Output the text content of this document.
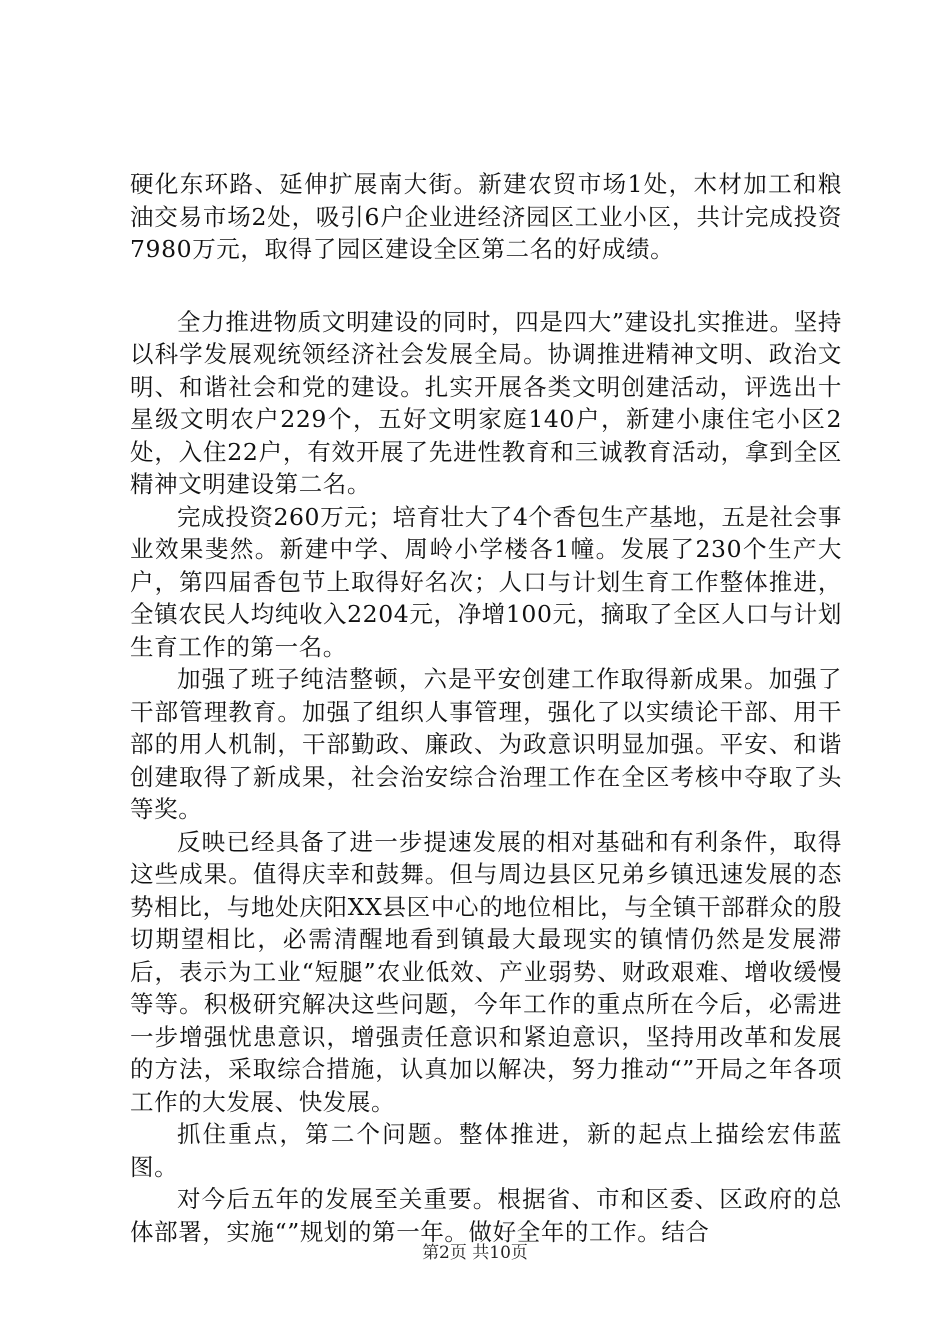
硬化东环路、延伸扩展南大街。新建农贸市场1处，木材加工和粮油交易市场2处，吸引6户企业进经济园区工业小区，共计完成投资7980万元，取得了园区建设全区第二名的好成绩。

全力推进物质文明建设的同时，四是四大”建设扎实推进。坚持以科学发展观统领经济社会发展全局。协调推进精神文明、政治文明、和谐社会和党的建设。扎实开展各类文明创建活动，评选出十星级文明农户229个，五好文明家庭140户，新建小康住宅小区2处，入住22户，有效开展了先进性教育和三诚教育活动，拿到全区精神文明建设第二名。

完成投资260万元；培育壮大了4个香包生产基地，五是社会事业效果斐然。新建中学、周岭小学楼各1幢。发展了230个生产大户，第四届香包节上取得好名次；人口与计划生育工作整体推进，全镇农民人均纯收入2204元，净增100元，摘取了全区人口与计划生育工作的第一名。

加强了班子纯洁整顿，六是平安创建工作取得新成果。加强了干部管理教育。加强了组织人事管理，强化了以实绩论干部、用干部的用人机制，干部勤政、廉政、为政意识明显加强。平安、和谐创建取得了新成果，社会治安综合治理工作在全区考核中夺取了头等奖。

反映已经具备了进一步提速发展的相对基础和有利条件，取得这些成果。值得庆幸和鼓舞。但与周边县区兄弟乡镇迅速发展的态势相比，与地处庆阳XX县区中心的地位相比，与全镇干部群众的殷切期望相比，必需清醒地看到镇最大最现实的镇情仍然是发展滞后，表示为工业“短腿”农业低效、产业弱势、财政艰难、增收缓慢等等。积极研究解决这些问题，今年工作的重点所在今后，必需进一步增强忧患意识，增强责任意识和紧迫意识，坚持用改革和发展的方法，采取综合措施，认真加以解决，努力推动“”开局之年各项工作的大发展、快发展。

抓住重点，第二个问题。整体推进，新的起点上描绘宏伟蓝图。

对今后五年的发展至关重要。根据省、市和区委、区政府的总体部署，实施“”规划的第一年。做好全年的工作。结合

第2页 共10页
